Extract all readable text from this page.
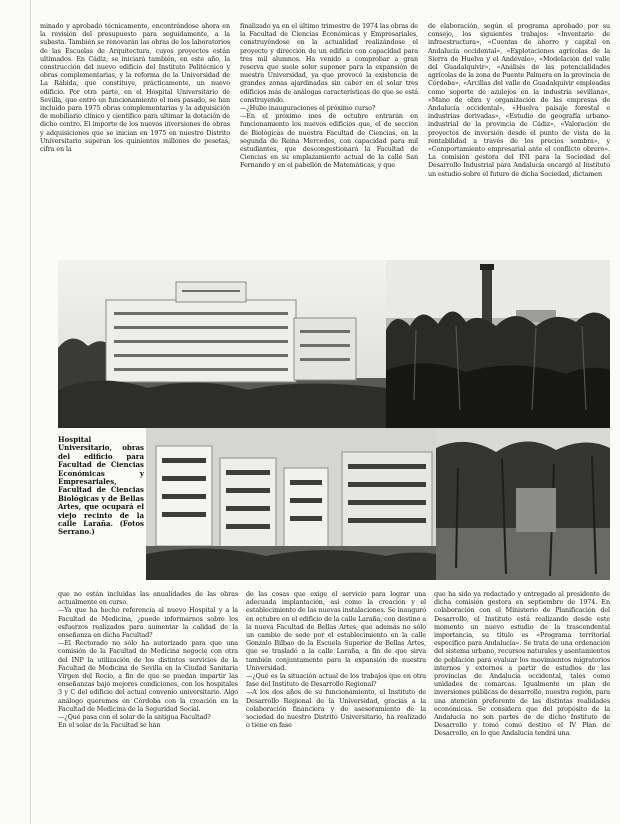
minado y aprobado técnicamente, encontrándose ahora en la revisión del presupuesto para seguidamente, a la subasta. También se renovarán las obras de los laboratorios de las Escuelas de Arquitectura, cuyos proyectos están ultimados. En Cádiz, se iniciará también, en este año, la construcción del nuevo edificio del Instituto Politécnico y obras complementarias, y la reforma de la Universidad de La Rábida, que constituye, prácticamente, un nuevo edificio. Por otra parte, en el Hospital Universitario de Sevilla, que entró en funcionamiento el mes pasado, se han incluido para 1975 obras complementarias y la adquisición de mobiliario clínico y científico para ultimar la dotación de dicho centro. El importe de los nuevos inversiones de obras y adquisiciones que se inician en 1975 en nuestro Distrito Universitario superan los quinientos millones de pesetas, cifra en la
finalizado ya en el último trimestre de 1974 las obras de la Facultad de Ciencias Económicas y Empresariales, construyéndose en la actualidad realizándose el proyecto y dirección de un edificio con capacidad para tres mil alumnos. Ha venido a comprobar a gran reserva que suele soler suponer para la expansión de nuestra Universidad, ya que provocó la existencia de grandes zonas ajardinadas sin caber en el solar tres edificios más de análogas características de que se está construyendo.
—¿Hubo inauguraciones el próximo curso?
—En el próximo mes de octubre entrarán en funcionamiento los nuevos edificios que, el de sección de Biológicas de nuestra Facultad de Ciencias, en la segunda de Reina Mercedes, con capacidad para mil estudiantes, que descongestionará la Facultad de Ciencias en su emplazamiento actual de la calle San Fernando y en el pabellón de Matemáticas, y que
de elaboración, según el programa aprobado por su consejo, los siguientes trabajos: «Inventario de infraestructura», «Cuentas de ahorro y capital en Andalucía occidental», «Explotaciones agrícolas de la Sierra de Huelva y el Andévalo», «Modelación del valle del Guadalquivir», «Análisis de las potencialidades agrícolas de la zona de Puente Palmera en la provincia de Córdoba», «Arcillas del valle de Guadalquivir empleadas como soporte de azulejos en la industria sevillana», «Mano de obra y organización de las empresas de Andalucía occidental», «Huelva paisaje forestal e industrias derivadas», «Estudio de geografía urbano-industrial de la provincia de Cádiz», «Valoración de proyectos de inversión desde el punto de vista de la rentabilidad a través de los precios sombra», y «Comportamiento empresarial ante el conflicto obrero». La comisión gestora del INI para la Sociedad del Desarrollo Industrial para Andalucía encargó al Instituto un estudio sobre el futuro de dicha Sociedad, dictamen
Hospital Universitario, obras del edificio para Facultad de Ciencias Económicas y Empresariales, Facultad de Ciencias Biológicas y de Bellas Artes, que ocupará el viejo recinto de la calle Laraña. (Fotos Serrano.)
que no están incluidas las anualidades de las obras actualmente en curso.
—Ya que ha hecho referencia al nuevo Hospital y a la Facultad de Medicina, ¿puede informarnos sobre los esfuerzos realizados para aumentar la calidad de la enseñanza en dicha Facultad?
—El Rectorado no sólo ha autorizado para que una comisión de la Facultad de Medicina negocie con otra del INP la utilización de los distintos servicios de la Facultad de Medicina de Sevilla en la Ciudad Sanitaria Virgen del Rocío, a fin de que se puedan impartir las enseñanzas bajo mejores condiciones, con los hospitales 3 y C del edificio del actual convenio universitario. Algo análogo queremos en Córdoba con la creación en la Facultad de Medicina de la Seguridad Social.
—¿Qué pasa con el solar de la antigua Facultad?
En el solar de la Facultad se han
de las cosas que exige el servicio para lograr una adecuada implantación, así como la creación y el establecimiento de las nuevas instalaciones. Se inauguró en octubre en el edificio de la calle Laraña, con destino a la nueva Facultad de Bellas Artes, que además no sólo un cambio de sede por el establecimiento en la calle Gonzalo Bilbao de la Escuela Superior de Bellas Artes, que se trasladó a la calle Laraña, a fin de que sirva también conjuntamente para la expansión de nuestra Universidad.
—¿Qué es la situación actual de los trabajos que en otra fase del Instituto de Desarrollo Regional?
—A los dos años de su funcionamiento, el Instituto de Desarrollo Regional de la Universidad, gracias a la colaboración financiera y de asesoramiento de la sociedad de nuestro Distrito Universitario, ha realizado o tiene en fase
que ha sido ya redactado y entregado al presidente de dicha comisión gestora en septiembre de 1974. En colaboración con el Ministerio de Planificación del Desarrollo, el Instituto está realizando desde este momento un nuevo estudio de la trascendental importancia, su título es «Programa territorial específico para Andalucía». Se trata de una ordenación del sistema urbano, recursos naturales y asentamientos de población para evaluar los movimientos migratorios internos y externos a partir de estudios de las provincias de Andalucía occidental, tales como unidades de comarcas. Igualmente un plan de inversiones públicas de desarrollo, nuestra región, para una atención preferente de las distintas realidades económicas. Se considera que del propósito de la Andalucía no son partes de de dicho Instituto de Desarrollo y tomó como destino el IV Plan de Desarrollo, en lo que Andalucía tendrá una
